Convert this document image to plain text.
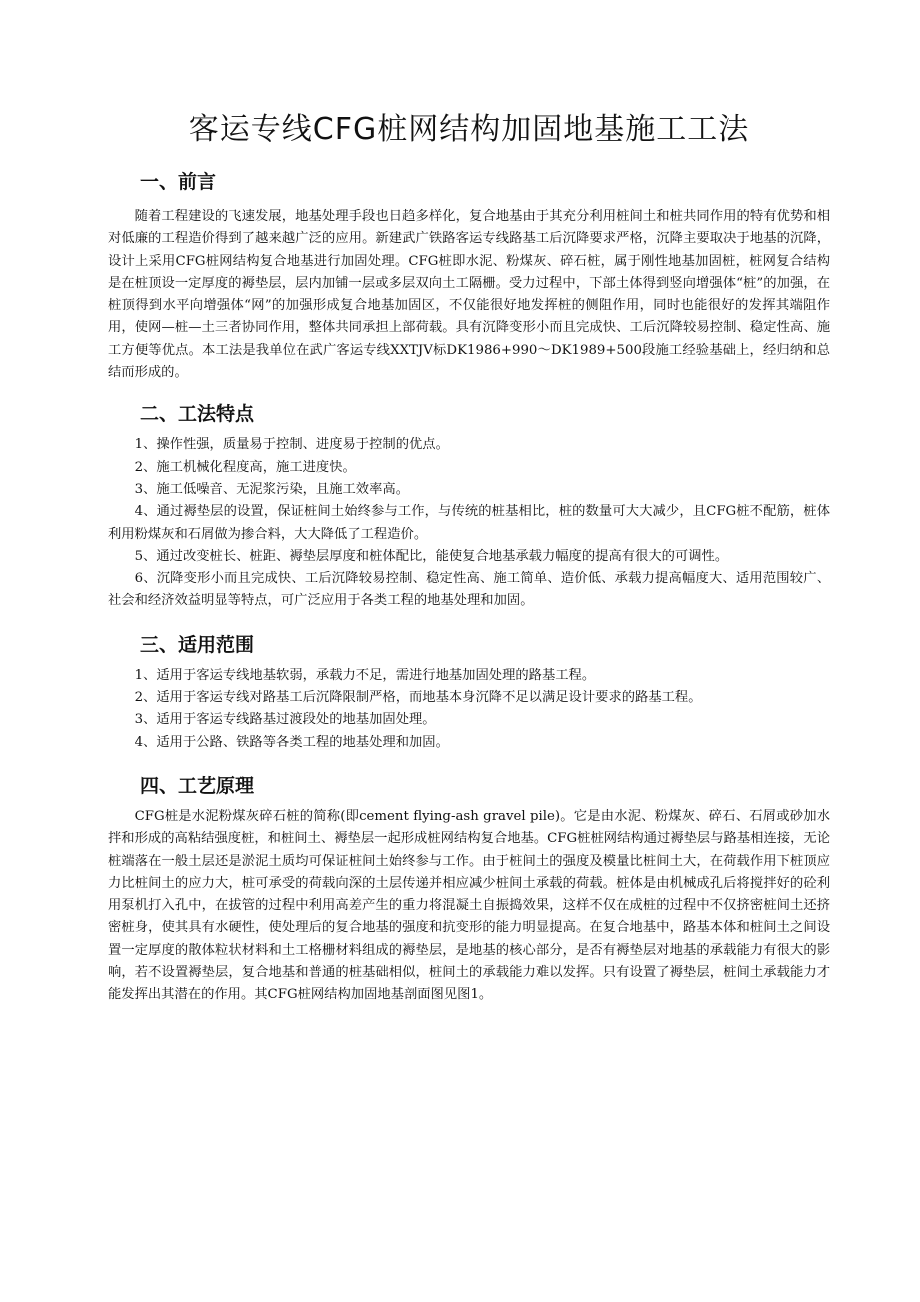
客运专线CFG桩网结构加固地基施工工法
一、前言

随着工程建设的飞速发展，地基处理手段也日趋多样化，复合地基由于其充分利用桩间土和桩共同作用的特有优势和相对低廉的工程造价得到了越来越广泛的应用。新建武广铁路客运专线路基工后沉降要求严格，沉降主要取决于地基的沉降，设计上采用CFG桩网结构复合地基进行加固处理。CFG桩即水泥、粉煤灰、碎石桩，属于刚性地基加固桩，桩网复合结构是在桩顶设一定厚度的褥垫层，层内加铺一层或多层双向土工隔栅。受力过程中，下部土体得到竖向增强体“桩”的加强，在桩顶得到水平向增强体“网”的加强形成复合地基加固区，不仅能很好地发挥桩的侧阻作用，同时也能很好的发挥其端阻作用，使网—桩—土三者协同作用，整体共同承担上部荷载。具有沉降变形小而且完成快、工后沉降较易控制、稳定性高、施工方便等优点。本工法是我单位在武广客运专线XXTJV标DK1986+990～DK1989+500段施工经验基础上，经归纳和总结而形成的。

二、工法特点

1、操作性强，质量易于控制、进度易于控制的优点。

2、施工机械化程度高，施工进度快。

3、施工低噪音、无泥浆污染，且施工效率高。

4、通过褥垫层的设置，保证桩间土始终参与工作，与传统的桩基相比，桩的数量可大大减少，且CFG桩不配筋，桩体利用粉煤灰和石屑做为掺合料，大大降低了工程造价。

5、通过改变桩长、桩距、褥垫层厚度和桩体配比，能使复合地基承载力幅度的提高有很大的可调性。

6、沉降变形小而且完成快、工后沉降较易控制、稳定性高、施工简单、造价低、承载力提高幅度大、适用范围较广、社会和经济效益明显等特点，可广泛应用于各类工程的地基处理和加固。

三、适用范围

1、适用于客运专线地基软弱，承载力不足，需进行地基加固处理的路基工程。

2、适用于客运专线对路基工后沉降限制严格，而地基本身沉降不足以满足设计要求的路基工程。

3、适用于客运专线路基过渡段处的地基加固处理。

4、适用于公路、铁路等各类工程的地基处理和加固。

四、工艺原理

CFG桩是水泥粉煤灰碎石桩的简称(即cement flying-ash gravel pile)。它是由水泥、粉煤灰、碎石、石屑或砂加水拌和形成的高粘结强度桩，和桩间土、褥垫层一起形成桩网结构复合地基。CFG桩桩网结构通过褥垫层与路基相连接，无论桩端落在一般土层还是淤泥土质均可保证桩间土始终参与工作。由于桩间土的强度及模量比桩间土大，在荷载作用下桩顶应力比桩间土的应力大，桩可承受的荷载向深的土层传递并相应减少桩间土承载的荷载。桩体是由机械成孔后将搅拌好的砼利用泵机打入孔中，在拔管的过程中利用高差产生的重力将混凝土自振捣效果，这样不仅在成桩的过程中不仅挤密桩间土还挤密桩身，使其具有水硬性，使处理后的复合地基的强度和抗变形的能力明显提高。在复合地基中，路基本体和桩间土之间设置一定厚度的散体粒状材料和土工格栅材料组成的褥垫层，是地基的核心部分，是否有褥垫层对地基的承载能力有很大的影响，若不设置褥垫层，复合地基和普通的桩基础相似，桩间土的承载能力难以发挥。只有设置了褥垫层，桩间土承载能力才能发挥出其潜在的作用。其CFG桩网结构加固地基剖面图见图1。
